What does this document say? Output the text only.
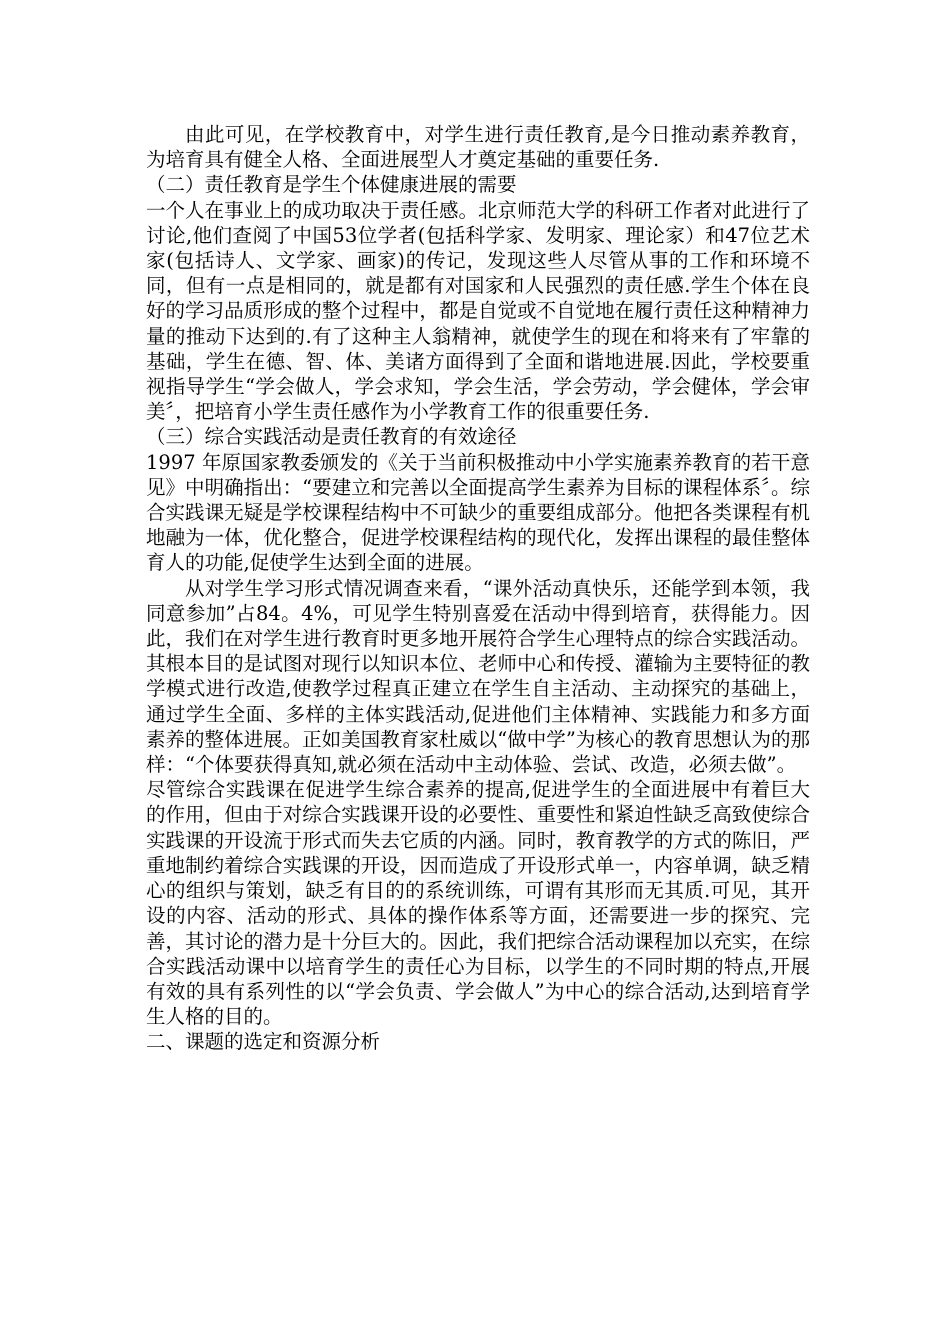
由此可见，在学校教育中，对学生进行责任教育,是今日推动素养教育，为培育具有健全人格、全面进展型人才奠定基础的重要任务.

（二）责任教育是学生个体健康进展的需要

一个人在事业上的成功取决于责任感。北京师范大学的科研工作者对此进行了讨论,他们查阅了中国53位学者(包括科学家、发明家、理论家）和47位艺术家(包括诗人、文学家、画家)的传记，发现这些人尽管从事的工作和环境不同，但有一点是相同的，就是都有对国家和人民强烈的责任感.学生个体在良好的学习品质形成的整个过程中，都是自觉或不自觉地在履行责任这种精神力量的推动下达到的.有了这种主人翁精神，就使学生的现在和将来有了牢靠的基础，学生在德、智、体、美诸方面得到了全面和谐地进展.因此，学校要重视指导学生“学会做人，学会求知，学会生活，学会劳动，学会健体，学会审美〞，把培育小学生责任感作为小学教育工作的很重要任务.

（三）综合实践活动是责任教育的有效途径

1997 年原国家教委颁发的《关于当前积极推动中小学实施素养教育的若干意见》中明确指出：“要建立和完善以全面提高学生素养为目标的课程体系〞。综合实践课无疑是学校课程结构中不可缺少的重要组成部分。他把各类课程有机地融为一体，优化整合，促进学校课程结构的现代化，发挥出课程的最佳整体育人的功能,促使学生达到全面的进展。

从对学生学习形式情况调查来看，“课外活动真快乐，还能学到本领，我同意参加”占84。4%，可见学生特别喜爱在活动中得到培育，获得能力。因此，我们在对学生进行教育时更多地开展符合学生心理特点的综合实践活动。其根本目的是试图对现行以知识本位、老师中心和传授、灌输为主要特征的教学模式进行改造,使教学过程真正建立在学生自主活动、主动探究的基础上，通过学生全面、多样的主体实践活动,促进他们主体精神、实践能力和多方面素养的整体进展。正如美国教育家杜威以“做中学”为核心的教育思想认为的那样：“个体要获得真知,就必须在活动中主动体验、尝试、改造，必须去做”。

尽管综合实践课在促进学生综合素养的提高,促进学生的全面进展中有着巨大的作用，但由于对综合实践课开设的必要性、重要性和紧迫性缺乏高致使综合实践课的开设流于形式而失去它质的内涵。同时，教育教学的方式的陈旧，严重地制约着综合实践课的开设，因而造成了开设形式单一，内容单调，缺乏精心的组织与策划，缺乏有目的的系统训练，可谓有其形而无其质.可见，其开设的内容、活动的形式、具体的操作体系等方面，还需要进一步的探究、完善，其讨论的潜力是十分巨大的。因此，我们把综合活动课程加以充实，在综合实践活动课中以培育学生的责任心为目标，以学生的不同时期的特点,开展有效的具有系列性的以“学会负责、学会做人”为中心的综合活动,达到培育学生人格的目的。

二、课题的选定和资源分析
